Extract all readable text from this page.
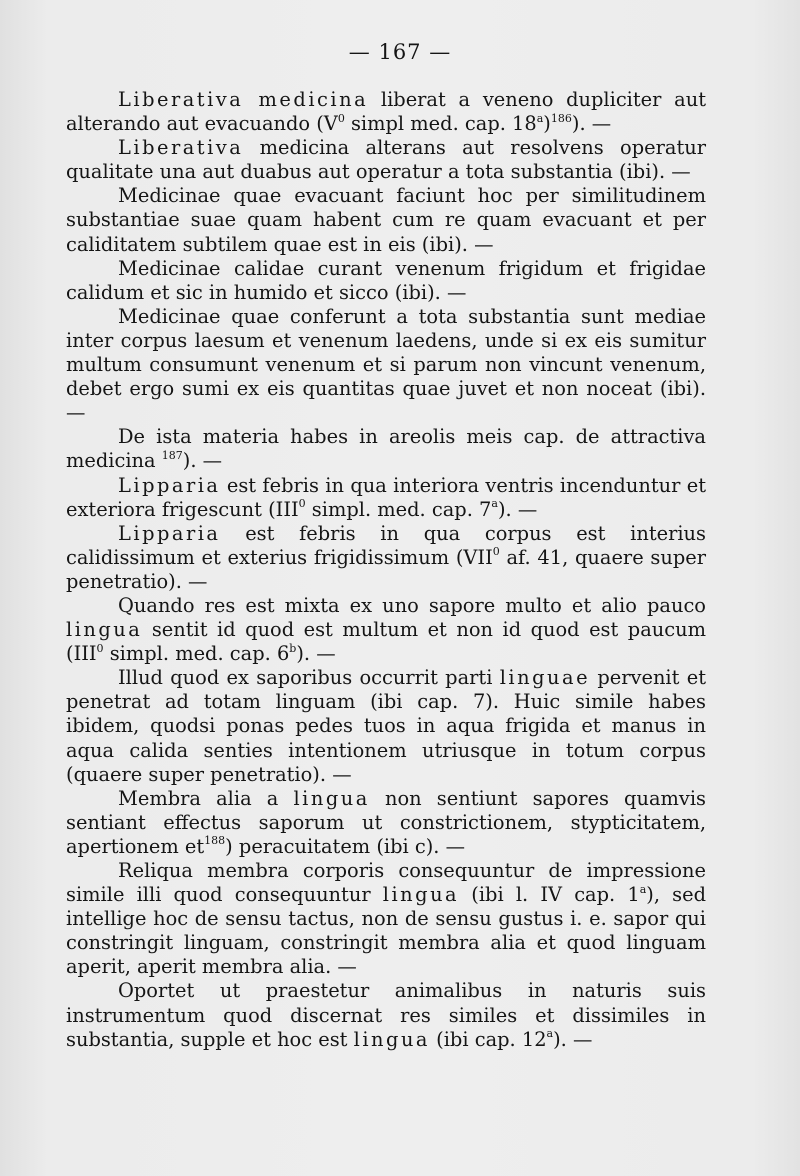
— 167 —

Liberativa medicina liberat a veneno dupliciter aut alterando aut evacuando ($V^0$ simpl med. cap. 18$^a$)$^{186}$). —

Liberativa medicina alterans aut resolvens operatur qualitate una aut duabus aut operatur a tota substantia (ibi). —

Medicinae quae evacuant faciunt hoc per similitudinem substantiae suae quam habent cum re quam evacuant et per caliditatem subtilem quae est in eis (ibi). —

Medicinae calidae curant venenum frigidum et frigidae calidum et sic in humido et sicco (ibi). —

Medicinae quae conferunt a tota substantia sunt mediae inter corpus laesum et venenum laedens, unde si ex eis sumitur multum consumunt venenum et si parum non vincunt venenum, debet ergo sumi ex eis quantitas quae juvet et non noceat (ibi). —

De ista materia habes in areolis meis cap. de attractiva medicina $^{187}$). —

Lipparia est febris in qua interiora ventris incenduntur et exteriora frigescunt (III$^0$ simpl. med. cap. 7$^a$). —

Lipparia est febris in qua corpus est interius calidissimum et exterius frigidissimum (VII$^0$ af. 41, quaere super penetratio). —

Quando res est mixta ex uno sapore multo et alio pauco lingua sentit id quod est multum et non id quod est paucum (III$^0$ simpl. med. cap. 6$^b$). —

Illud quod ex saporibus occurrit parti linguae pervenit et penetrat ad totam linguam (ibi cap. 7). Huic simile habes ibidem, quodsi ponas pedes tuos in aqua frigida et manus in aqua calida senties intentionem utriusque in totum corpus (quaere super penetratio). —

Membra alia a lingua non sentiunt sapores quamvis sentiant effectus saporum ut constrictionem, stypticitatem, apertionem $et^{188}$) peracuitatem (ibi c). —

Reliqua membra corporis consequuntur de impressione simile illi quod consequuntur lingua (ibi l. IV cap. 1$^a$), sed intellige hoc de sensu tactus, non de sensu gustus i. e. sapor qui constringit linguam, constringit membra alia et quod linguam aperit, aperit membra alia. —

Oportet ut praestetur animalibus in naturis suis instrumentum quod discernat res similes et dissimiles in substantia, supple et hoc est lingua (ibi cap. 12$^a$). —
